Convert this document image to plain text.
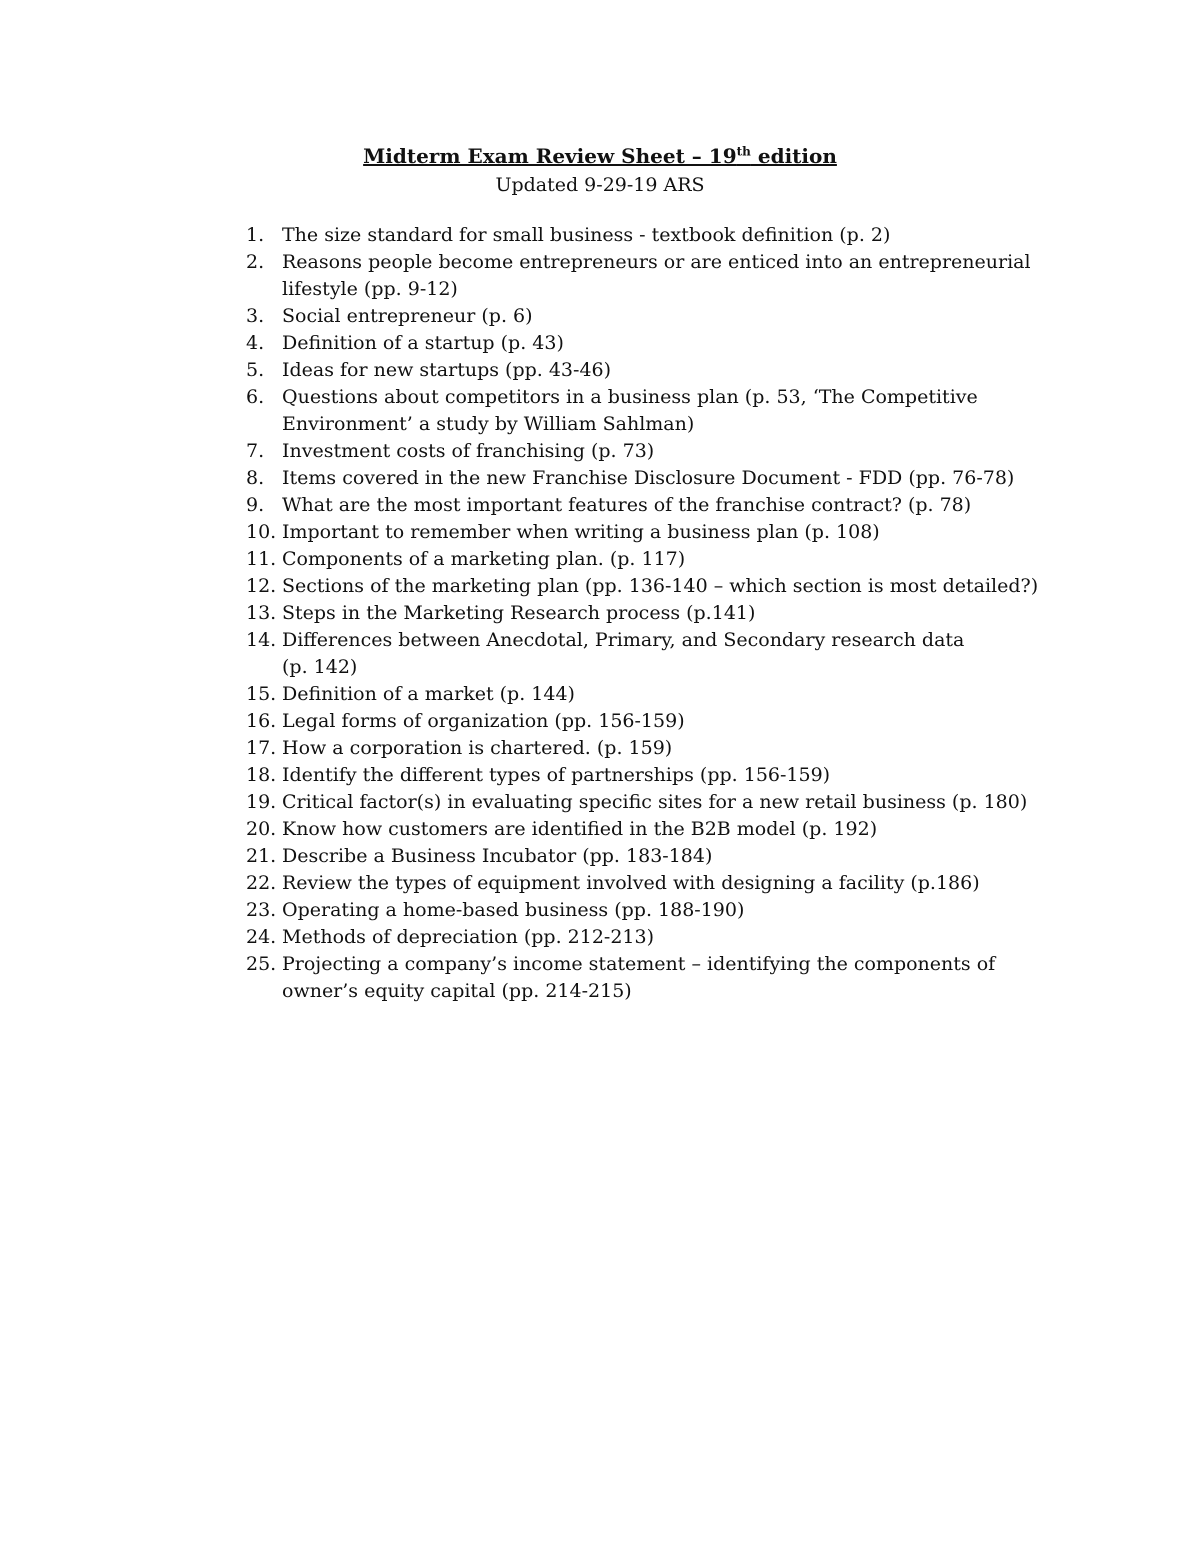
Midterm Exam Review Sheet – 19th edition
Updated 9-29-19 ARS
1. The size standard for small business - textbook definition (p. 2)
2. Reasons people become entrepreneurs or are enticed into an entrepreneurial
lifestyle (pp. 9-12)
3. Social entrepreneur (p. 6)
4. Definition of a startup (p. 43)
5. Ideas for new startups (pp. 43-46)
6. Questions about competitors in a business plan (p. 53, ‘The Competitive
Environment’ a study by William Sahlman)
7. Investment costs of franchising (p. 73)
8. Items covered in the new Franchise Disclosure Document - FDD (pp. 76-78)
9. What are the most important features of the franchise contract? (p. 78)
10. Important to remember when writing a business plan (p. 108)
11. Components of a marketing plan. (p. 117)
12. Sections of the marketing plan (pp. 136-140 – which section is most detailed?)
13. Steps in the Marketing Research process (p.141)
14. Differences between Anecdotal, Primary, and Secondary research data
(p. 142)
15. Definition of a market (p. 144)
16. Legal forms of organization (pp. 156-159)
17. How a corporation is chartered. (p. 159)
18. Identify the different types of partnerships (pp. 156-159)
19. Critical factor(s) in evaluating specific sites for a new retail business (p. 180)
20. Know how customers are identified in the B2B model (p. 192)
21. Describe a Business Incubator (pp. 183-184)
22. Review the types of equipment involved with designing a facility (p.186)
23. Operating a home-based business (pp. 188-190)
24. Methods of depreciation (pp. 212-213)
25. Projecting a company’s income statement – identifying the components of
owner’s equity capital (pp. 214-215)
